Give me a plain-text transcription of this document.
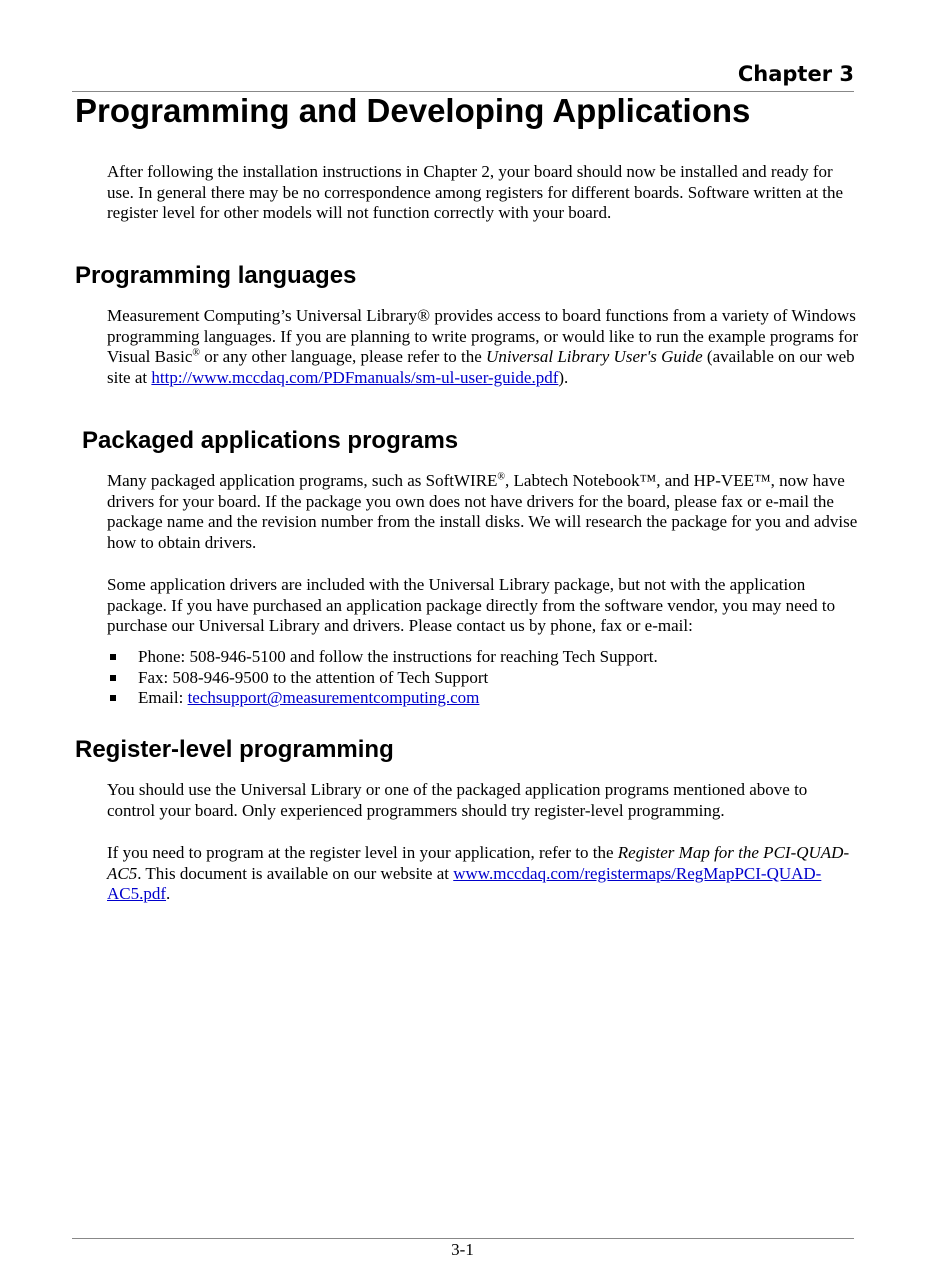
Chapter 3
Programming and Developing Applications

After following the installation instructions in Chapter 2, your board should now be installed and ready for use. In general there may be no correspondence among registers for different boards. Software written at the register level for other models will not function correctly with your board.

Programming languages

Measurement Computing’s Universal Library® provides access to board functions from a variety of Windows programming languages. If you are planning to write programs, or would like to run the example programs for Visual Basic® or any other language, please refer to the Universal Library User's Guide (available on our web site at http://www.mccdaq.com/PDFmanuals/sm-ul-user-guide.pdf).

Packaged applications programs

Many packaged application programs, such as SoftWIRE®, Labtech Notebook™, and HP-VEE™, now have drivers for your board. If the package you own does not have drivers for the board, please fax or e-mail the package name and the revision number from the install disks. We will research the package for you and advise how to obtain drivers.

Some application drivers are included with the Universal Library package, but not with the application package. If you have purchased an application package directly from the software vendor, you may need to purchase our Universal Library and drivers. Please contact us by phone, fax or e-mail:

Phone: 508-946-5100 and follow the instructions for reaching Tech Support.
Fax: 508-946-9500 to the attention of Tech Support
Email: techsupport@measurementcomputing.com
Register-level programming

You should use the Universal Library or one of the packaged application programs mentioned above to control your board. Only experienced programmers should try register-level programming.

If you need to program at the register level in your application, refer to the Register Map for the PCI-QUAD-AC5. This document is available on our website at www.mccdaq.com/registermaps/RegMapPCI-QUAD-AC5.pdf.

3-1
